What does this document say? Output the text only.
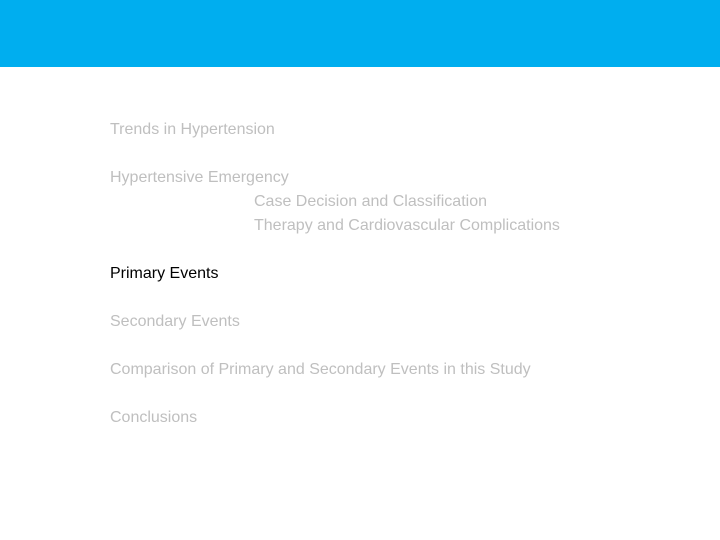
Trends in Hypertension
Hypertensive Emergency
Case Decision and Classification
Therapy and Cardiovascular Complications
Primary Events
Secondary Events
Comparison of Primary and Secondary Events in this Study
Conclusions
